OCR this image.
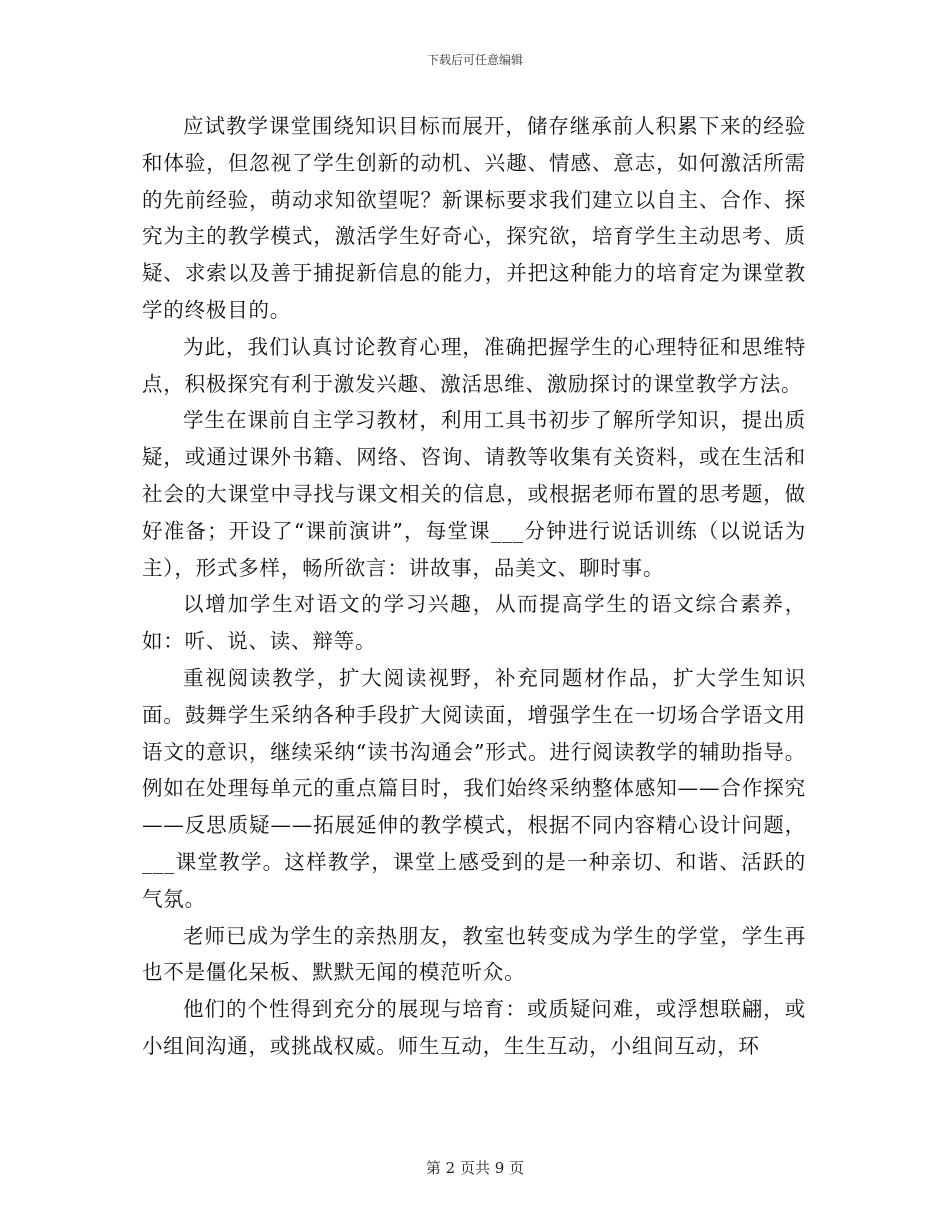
下载后可任意编辑

应试教学课堂围绕知识目标而展开，储存继承前人积累下来的经验和体验，但忽视了学生创新的动机、兴趣、情感、意志，如何激活所需的先前经验，萌动求知欲望呢？新课标要求我们建立以自主、合作、探究为主的教学模式，激活学生好奇心，探究欲，培育学生主动思考、质疑、求索以及善于捕捉新信息的能力，并把这种能力的培育定为课堂教学的终极目的。

为此，我们认真讨论教育心理，准确把握学生的心理特征和思维特点，积极探究有利于激发兴趣、激活思维、激励探讨的课堂教学方法。

学生在课前自主学习教材，利用工具书初步了解所学知识，提出质疑，或通过课外书籍、网络、咨询、请教等收集有关资料，或在生活和社会的大课堂中寻找与课文相关的信息，或根据老师布置的思考题，做好准备；开设了“课前演讲”，每堂课___分钟进行说话训练（以说话为主），形式多样，畅所欲言：讲故事，品美文、聊时事。

以增加学生对语文的学习兴趣，从而提高学生的语文综合素养，如：听、说、读、辩等。

重视阅读教学，扩大阅读视野，补充同题材作品，扩大学生知识面。鼓舞学生采纳各种手段扩大阅读面，增强学生在一切场合学语文用语文的意识，继续采纳“读书沟通会”形式。进行阅读教学的辅助指导。例如在处理每单元的重点篇目时，我们始终采纳整体感知——合作探究——反思质疑——拓展延伸的教学模式，根据不同内容精心设计问题，___课堂教学。这样教学，课堂上感受到的是一种亲切、和谐、活跃的气氛。

老师已成为学生的亲热朋友，教室也转变成为学生的学堂，学生再也不是僵化呆板、默默无闻的模范听众。

他们的个性得到充分的展现与培育：或质疑问难，或浮想联翩，或小组间沟通，或挑战权威。师生互动，生生互动，小组间互动，环

第 2 页共 9 页
